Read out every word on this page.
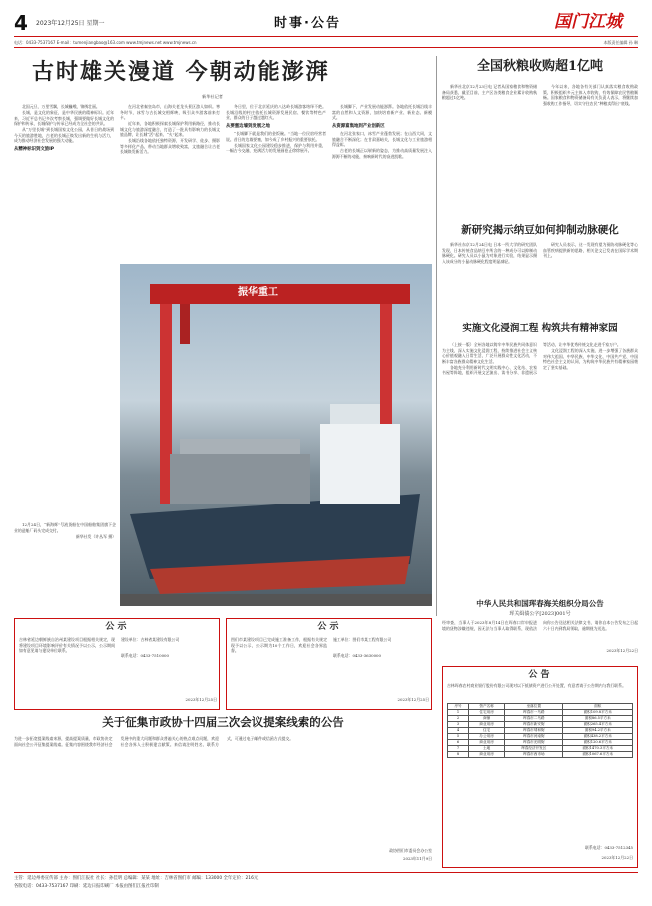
4 2023年12月25日 星期一	时事·公告	国门江城
电话：0433-7537167 E-mail：tumenjiangbao@163.com www.tmjnews.net www.tmjnews.cn	本版责任编辑 孙 琳
古时雄关漫道 今朝动能澎湃
新华社记者

北国元旦，万里雪飘，长城巍峨，锦绣壮丽。

长城，是文化的象征，是中华民族的精神标识。近年来，习近平总书记多次考察长城，强调要做好长城文化的保护和传承，长城保护与传承已经成为全社会的共识。

从“万里长城”到长城国家文化公园，从昔日的战场到今天的旅游胜地，古老的长城正焕发出新的生机与活力，成为推动经济社会发展的强大动能。

从精神标识到文旅IP

在河北省秦皇岛市，山海关老龙头景区游人如织。寒冬时节，冰雪与古长城交相辉映，吸引众多游客前来打卡。

近年来，各地积极探索长城保护利用新路径，推动长城文化与旅游深度融合，打造了一批具有影响力的长城文旅品牌，让长城“活”起来、“火”起来。

长城沿线各地依托独特资源，开发研学、徒步、摄影等多样化产品，带动当地群众增收致富，文旅融合让古老长城焕发新活力。

冬日里，位于北京延庆的八达岭长城游客络绎不绝。长城沿线的村庄依托长城资源发展民宿、餐饮等特色产业，群众的日子越过越红火。

从要塞边墙到发展之地

“长城脚下就是我们的金饭碗。”当地一位民宿经营者说。昔日的边墙要塞，如今成了乡村振兴的重要依托。

长城国家文化公园建设稳步推进，保护与利用并重，一幅古今交融、充满活力的发展画卷正徐徐展开。

长城脚下，产业发展动能澎湃。各地依托长城沿线丰富的自然和人文资源，加快培育新产业、新业态、新模式。

从资源富集地到产业创新区

在河北张家口，冰雪产业蓬勃发展；在山西大同，文旅融合不断深化；在甘肃嘉峪关，长城文化与工业旅游相得益彰。

古老的长城正以崭新的姿态，为推动高质量发展注入源源不断的动能，奏响新时代的奋进凯歌。

振华重工

12月24日，“新海辉”号液货船在中国船舶集团旗下企业的造船厂码头完成交付。

新华社发（许丛军 摄）

全国秋粮收购超1亿吨

新华社北京12月23日电 记者从国家粮食和物资储备局获悉，截至目前，主产区各类粮食企业累计收购秋粮超过1亿吨。

今年以来，各地各有关部门认真落实粮食收购政策，积极组织多元主体入市收购，有效保障农民售粮顺畅。国家粮食和物资储备局有关负责人表示，将继续加强收购工作指导，切实守住农民“种粮卖得出”底线。

新研究揭示纳豆如何抑制动脉硬化

新华社东京12月24日电 日本一所大学的研究团队发现，日本传统食品纳豆中所含的一种成分可以抑制动脉硬化。研究人员以小鼠为对象进行实验，结果显示摄入该成分的小鼠动脉硬化程度明显减轻。

研究人员表示，这一发现有望为预防动脉硬化等心血管疾病提供新的思路，相关论文已发表在国际学术期刊上。

实施文化浸润工程 构筑共有精神家园

（上接一版）全州各地以铸牢中华民族共同体意识为主线，深入实施文化浸润工程，持续推进社会主义核心价值观融入日常生活，广泛开展群众性文化活动，不断丰富各族群众精神文化生活。

各地充分利用新时代文明实践中心、文化站、农家书屋等阵地，组织开展文艺演出、读书分享、非遗展示等活动，让中华优秀传统文化走进千家万户。

文化浸润工程的深入实施，进一步增强了各族群众对伟大祖国、中华民族、中华文化、中国共产党、中国特色社会主义的认同，为构筑中华民族共有精神家园奠定了坚实基础。

中华人民共和国珲春海关组织分局公告
珲关缉债公字[2023]001号
经审查，当事人于2023年8月14日在珲春口岸申报进境的货物涉嫌违规，因无法与当事人取得联系，现依法向你公告送达相关法律文书，请你自本公告发布之日起六十日内到我局领取，逾期视为送达。
2023年12月22日
公 告
吉林珲春农村商业银行股份有限公司现对以下抵债资产进行公开处置，有意者请于公告期内与我行联系。
序号	资产名称	坐落位置	面积
1	住宅用房	珲春市一马路	面积109.8平方米
2	商铺	珲春市二马路	面积86.5平方米
3	商业用房	珲春市新安街	面积265.4平方米
4	住宅	珲春市靖和街	面积94.2平方米
5	办公用房	珲春市河南街	面积438.2平方米
6	商业用房	珲春市光明街	面积120.6平方米
7	土地	珲春经济开发区	面积1470.3平方米
8	商业用房	珲春市西市场	面积1067.6平方米
联系电话：0433-7512345
2023年12月22日
公 示
吉林省延边朝鲜族自治州某建设项目根据相关规定，现将建设项目环境影响评价有关情况予以公示，公示期间如有意见请与建设单位联系。
建设单位：吉林省某建设有限公司
联系电话：0433-7510000
2023年12月25日
公 示
图们市某建设项目已完成施工准备工作，根据有关规定现予以公示，公示期为10个工作日，欢迎社会各界监督。
施工单位：图们市某工程有限公司
联系电话：0433-3630000
2023年12月25日
关于征集市政协十四届三次会议提案线索的公告
为进一步拓宽提案线索来源，提高提案质量，市政协决定面向社会公开征集提案线索。征集内容围绕我市经济社会发展中的重大问题和群众普遍关心的热点难点问题，欢迎社会各界人士积极建言献策。来信请注明姓名、联系方式，可通过电子邮件或信函方式提交。
政协图们市委员会办公室
2023年11月9日
主管：延边州委宣传部 主办：图们江报社 社长：孙佳明 总编辑：某某 地址：吉林省图们市 邮编：133000 全年定价：216元
各版电话：0433-7537167 印刷：延边日报印刷厂 本报由图们江报社印制
